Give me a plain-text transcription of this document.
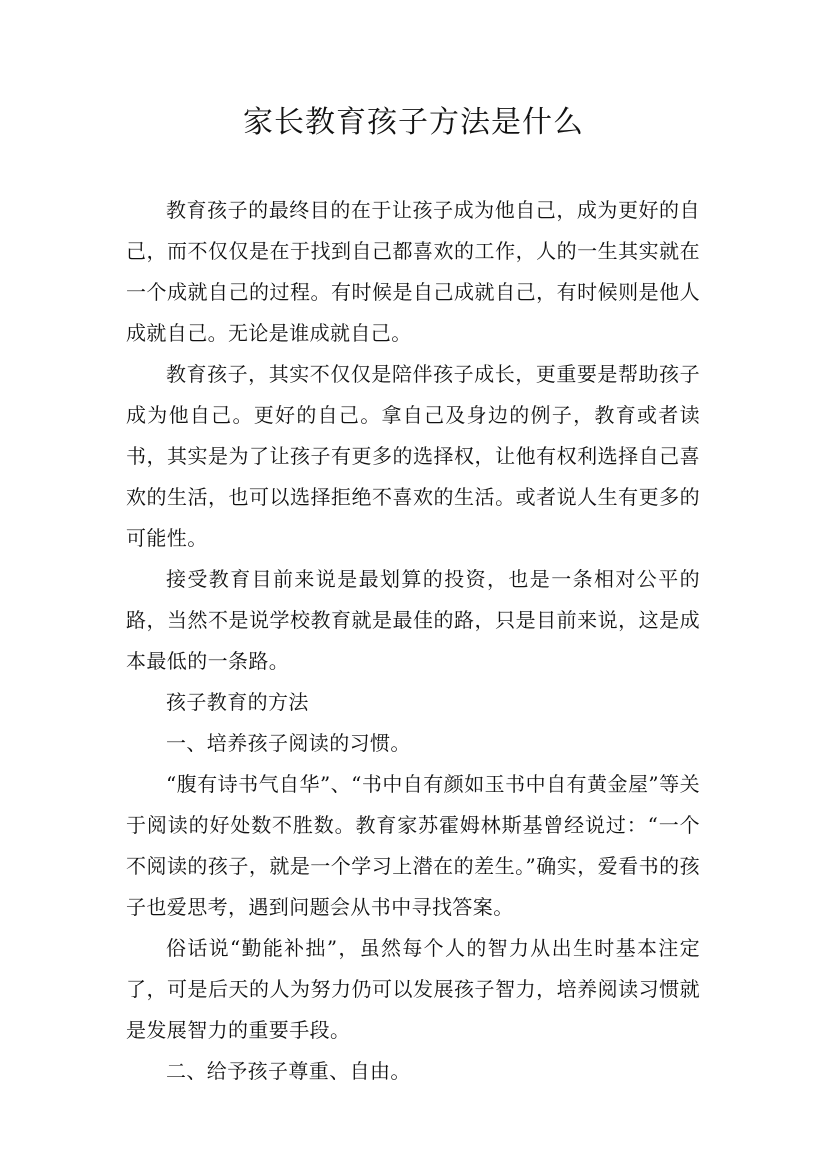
家长教育孩子方法是什么

教育孩子的最终目的在于让孩子成为他自己，成为更好的自己，而不仅仅是在于找到自己都喜欢的工作，人的一生其实就在一个成就自己的过程。有时候是自己成就自己，有时候则是他人成就自己。无论是谁成就自己。

教育孩子，其实不仅仅是陪伴孩子成长，更重要是帮助孩子成为他自己。更好的自己。拿自己及身边的例子，教育或者读书，其实是为了让孩子有更多的选择权，让他有权利选择自己喜欢的生活，也可以选择拒绝不喜欢的生活。或者说人生有更多的可能性。

接受教育目前来说是最划算的投资，也是一条相对公平的路，当然不是说学校教育就是最佳的路，只是目前来说，这是成本最低的一条路。

孩子教育的方法

一、培养孩子阅读的习惯。

“腹有诗书气自华”、“书中自有颜如玉书中自有黄金屋”等关于阅读的好处数不胜数。教育家苏霍姆林斯基曾经说过：“一个不阅读的孩子，就是一个学习上潜在的差生。”确实，爱看书的孩子也爱思考，遇到问题会从书中寻找答案。

俗话说“勤能补拙”，虽然每个人的智力从出生时基本注定了，可是后天的人为努力仍可以发展孩子智力，培养阅读习惯就是发展智力的重要手段。

二、给予孩子尊重、自由。
